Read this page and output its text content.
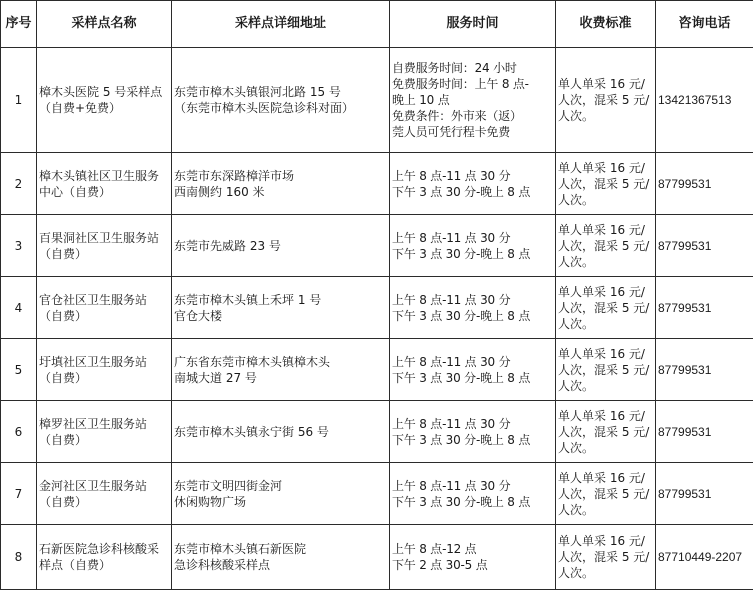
序号	采样点名称	采样点详细地址	服务时间	收费标准	咨询电话
1	樟木头医院 5 号采样点（自费+免费）	东莞市樟木头镇银河北路 15 号
（东莞市樟木头医院急诊科对面）	自费服务时间：24 小时
免费服务时间：上午 8 点-
晚上 10 点
免费条件：外市来（返）
莞人员可凭行程卡免费	单人单采 16 元/人次，混采 5 元/人次。	13421367513

2	樟木头镇社区卫生服务中心（自费）	东莞市东深路樟洋市场
西南侧约 160 米	上午 8 点-11 点 30 分
下午 3 点 30 分-晚上 8 点	单人单采 16 元/人次，混采 5 元/人次。	87799531

3	百果洞社区卫生服务站（自费）	东莞市先威路 23 号	上午 8 点-11 点 30 分
下午 3 点 30 分-晚上 8 点	单人单采 16 元/人次，混采 5 元/人次。	87799531

4	官仓社区卫生服务站（自费）	东莞市樟木头镇上禾坪 1 号
官仓大楼	上午 8 点-11 点 30 分
下午 3 点 30 分-晚上 8 点	单人单采 16 元/人次，混采 5 元/人次。	87799531

5	圩填社区卫生服务站（自费）	广东省东莞市樟木头镇樟木头
南城大道 27 号	上午 8 点-11 点 30 分
下午 3 点 30 分-晚上 8 点	单人单采 16 元/人次，混采 5 元/人次。	87799531

6	樟罗社区卫生服务站（自费）	东莞市樟木头镇永宁街 56 号	上午 8 点-11 点 30 分
下午 3 点 30 分-晚上 8 点	单人单采 16 元/人次，混采 5 元/人次。	87799531

7	金河社区卫生服务站（自费）	东莞市文明四街金河
休闲购物广场	上午 8 点-11 点 30 分
下午 3 点 30 分-晚上 8 点	单人单采 16 元/人次，混采 5 元/人次。	87799531

8	石新医院急诊科核酸采样点（自费）	东莞市樟木头镇石新医院
急诊科核酸采样点	上午 8 点-12 点
下午 2 点 30-5 点	单人单采 16 元/人次，混采 5 元/人次。	87710449-2207
